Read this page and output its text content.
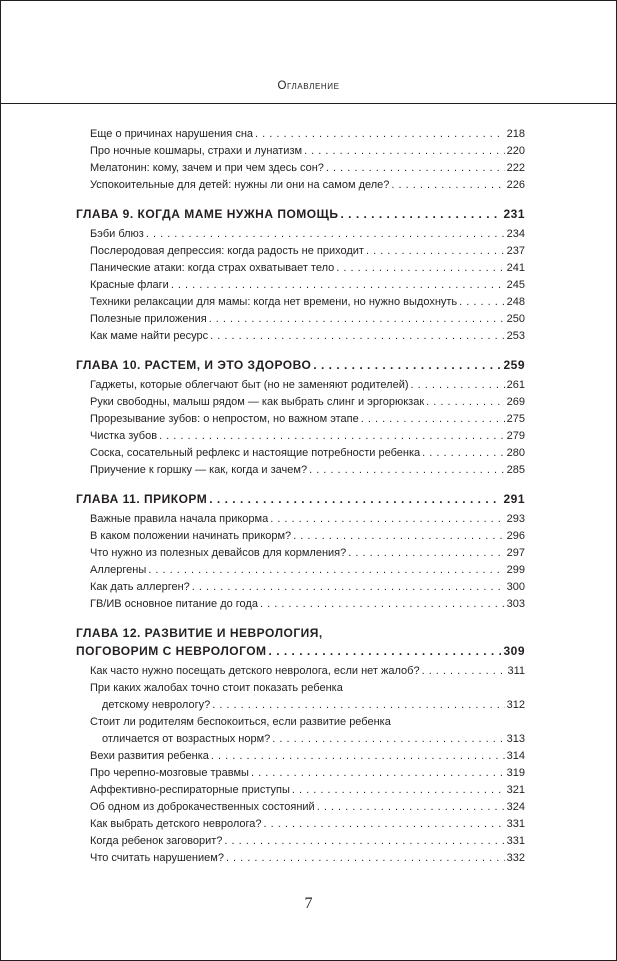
Оглавление
Еще о причинах нарушения сна . . .	218
Про ночные кошмары, страхи и лунатизм . . .	220
Мелатонин: кому, зачем и при чем здесь сон? . . .	222
Успокоительные для детей: нужны ли они на самом деле? . . .	226
ГЛАВА 9. КОГДА МАМЕ НУЖНА ПОМОЩЬ . . .	231
Бэби блюз . . .	234
Послеродовая депрессия: когда радость не приходит . . .	237
Панические атаки: когда страх охватывает тело . . .	241
Красные флаги . . .	245
Техники релаксации для мамы: когда нет времени, но нужно выдохнуть . . .	248
Полезные приложения . . .	250
Как маме найти ресурс . . .	253
ГЛАВА 10. РАСТЕМ, И ЭТО ЗДОРОВО . . .	259
Гаджеты, которые облегчают быт (но не заменяют родителей) . . .	261
Руки свободны, малыш рядом — как выбрать слинг и эргорюкзак . . .	269
Прорезывание зубов: о непростом, но важном этапе . . .	275
Чистка зубов . . .	279
Соска, сосательный рефлекс и настоящие потребности ребенка . . .	280
Приучение к горшку — как, когда и зачем? . . .	285
ГЛАВА 11. ПРИКОРМ . . .	291
Важные правила начала прикорма . . .	293
В каком положении начинать прикорм? . . .	296
Что нужно из полезных девайсов для кормления? . . .	297
Аллергены . . .	299
Как дать аллерген? . . .	300
ГВ/ИВ основное питание до года . . .	303
ГЛАВА 12. РАЗВИТИЕ И НЕВРОЛОГИЯ,
ПОГОВОРИМ С НЕВРОЛОГОМ . . .	309
Как часто нужно посещать детского невролога, если нет жалоб? . . .	311
При каких жалобах точно стоит показать ребенка
детскому неврологу? . . .	312
Стоит ли родителям беспокоиться, если развитие ребенка
отличается от возрастных норм? . . .	313
Вехи развития ребенка . . .	314
Про черепно-мозговые травмы . . .	319
Аффективно-респираторные приступы . . .	321
Об одном из доброкачественных состояний . . .	324
Как выбрать детского невролога? . . .	331
Когда ребенок заговорит? . . .	331
Что считать нарушением? . . .	332
7
